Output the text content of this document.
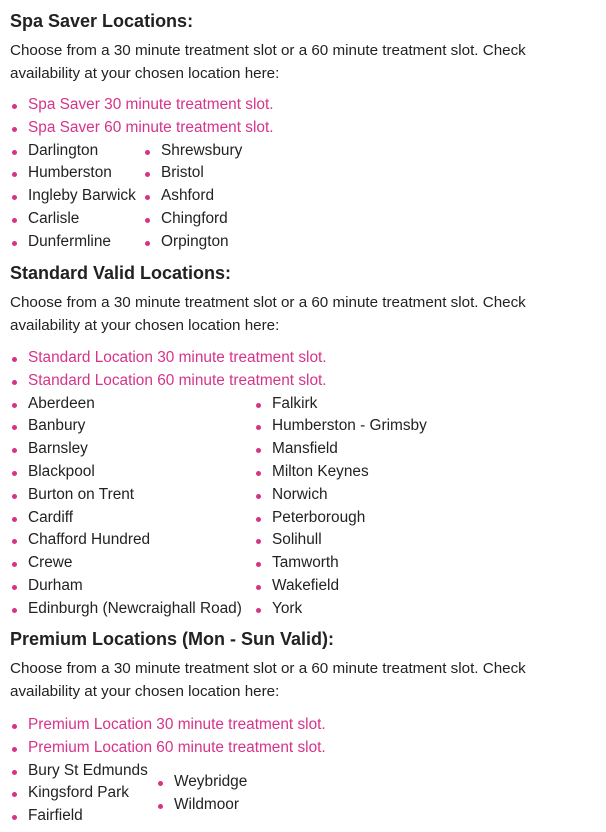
Spa Saver Locations:

Choose from a 30 minute treatment slot or a 60 minute treatment slot. Check availability at your chosen location here:

Spa Saver 30 minute treatment slot.
Spa Saver 60 minute treatment slot.
Darlington
Humberston
Ingleby Barwick
Carlisle
Dunfermline
Shrewsbury
Bristol
Ashford
Chingford
Orpington
Standard Valid Locations:

Choose from a 30 minute treatment slot or a 60 minute treatment slot. Check availability at your chosen location here:

Standard Location 30 minute treatment slot.
Standard Location 60 minute treatment slot.
Aberdeen
Banbury
Barnsley
Blackpool
Burton on Trent
Cardiff
Chafford Hundred
Crewe
Durham
Edinburgh (Newcraighall Road)
Falkirk
Humberston - Grimsby
Mansfield
Milton Keynes
Norwich
Peterborough
Solihull
Tamworth
Wakefield
York
Premium Locations (Mon - Sun Valid):

Choose from a 30 minute treatment slot or a 60 minute treatment slot. Check availability at your chosen location here:

Premium Location 30 minute treatment slot.
Premium Location 60 minute treatment slot.
Bury St Edmunds
Kingsford Park
Fairfield
Weybridge
Wildmoor
